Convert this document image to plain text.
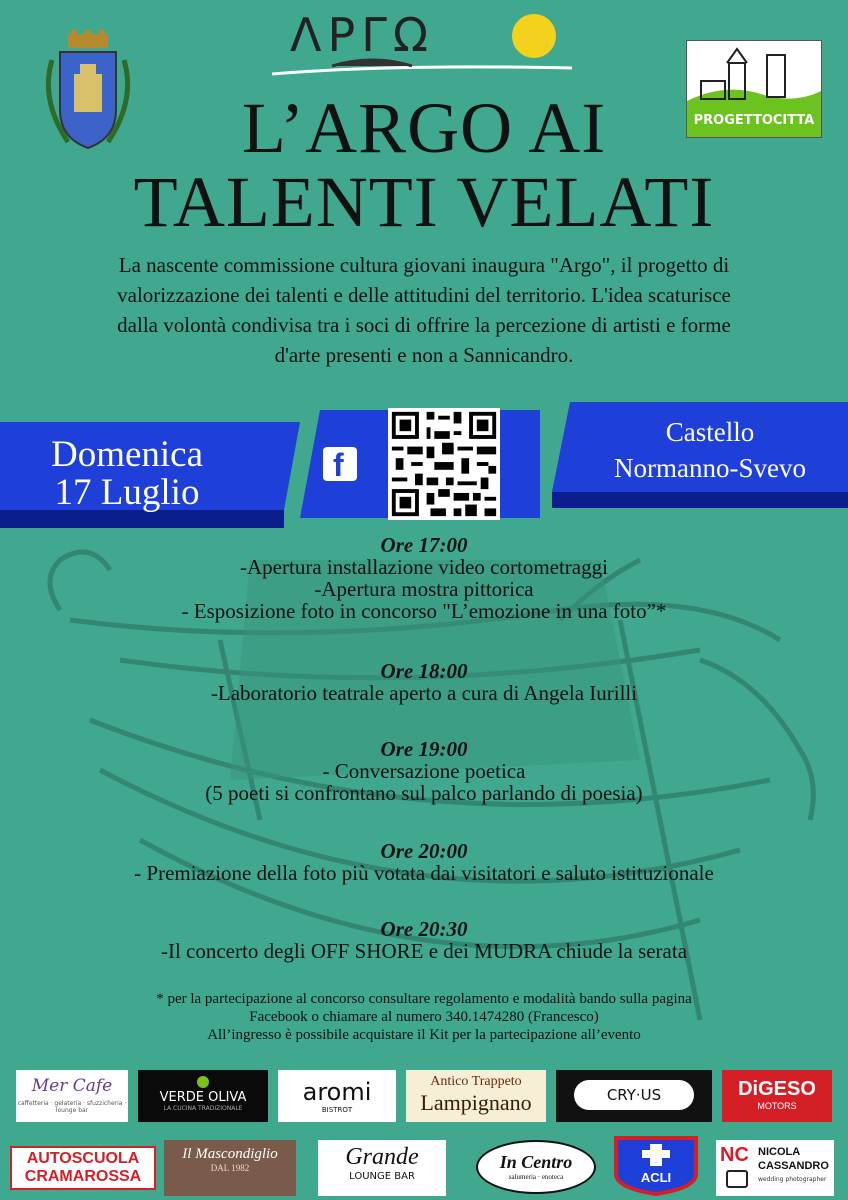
ΛPΓΩ
PROGETTOCITTA
L’ARGO AI
TALENTI VELATI

La nascente commissione cultura giovani inaugura "Argo", il progetto di
valorizzazione dei talenti e delle attitudini del territorio. L'idea scaturisce
dalla volontà condivisa tra i soci di offrire la percezione di artisti e forme
d'arte presenti e non a Sannicandro.

Domenica
17 Luglio
f
Castello
Normanno-Svevo
Ore 17:00
-Apertura installazione video cortometraggi
-Apertura mostra pittorica
- Esposizione foto in concorso "L’emozione in una foto”*
Ore 18:00
-Laboratorio teatrale aperto a cura di Angela Iurilli
Ore 19:00
- Conversazione poetica
(5 poeti si confrontano sul palco parlando di poesia)
Ore 20:00
- Premiazione della foto più votata dai visitatori e saluto istituzionale
Ore 20:30
-Il concerto degli OFF SHORE e dei MUDRA chiude la serata
* per la partecipazione al concorso consultare regolamento e modalità bando sulla pagina
Facebook o chiamare al numero 340.1474280 (Francesco)
All’ingresso è possibile acquistare il Kit per la partecipazione all’evento
Mer Cafe
caffetteria · gelateria · sfuzzicheria · lounge bar
VERDE OLIVA
LA CUCINA TRADIZIONALE
aromi
BISTROT
Antico Trappeto
Lampignano	CRY·US	DiGESO
MOTORS
AUTOSCUOLA
CRAMAROSSA
Il Mascondiglio
DAL 1982	Grande
LOUNGE BAR
In Centro
salumeria · enoteca	ACLI
NC NICOLA
CASSANDRO
wedding photographer
